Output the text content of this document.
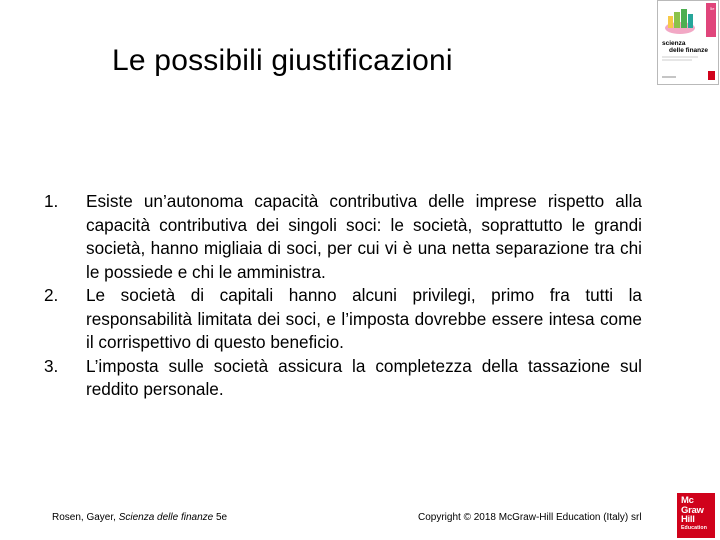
Le possibili giustificazioni
5e
scienza
delle finanze
1. Esiste un’autonoma capacità contributiva delle imprese rispetto alla capacità contributiva dei singoli soci: le società, soprattutto le grandi società, hanno migliaia di soci, per cui vi è una netta separazione tra chi le possiede e chi le amministra.
2. Le società di capitali hanno alcuni privilegi, primo fra tutti la responsabilità limitata dei soci, e l’imposta dovrebbe essere intesa come il corrispettivo di questo beneficio.
3. L’imposta sulle società assicura la completezza della tassazione sul reddito personale.
Rosen, Gayer, Scienza delle finanze 5e	Copyright © 2018 McGraw-Hill Education (Italy) srl
Mc
Graw
Hill
Education
